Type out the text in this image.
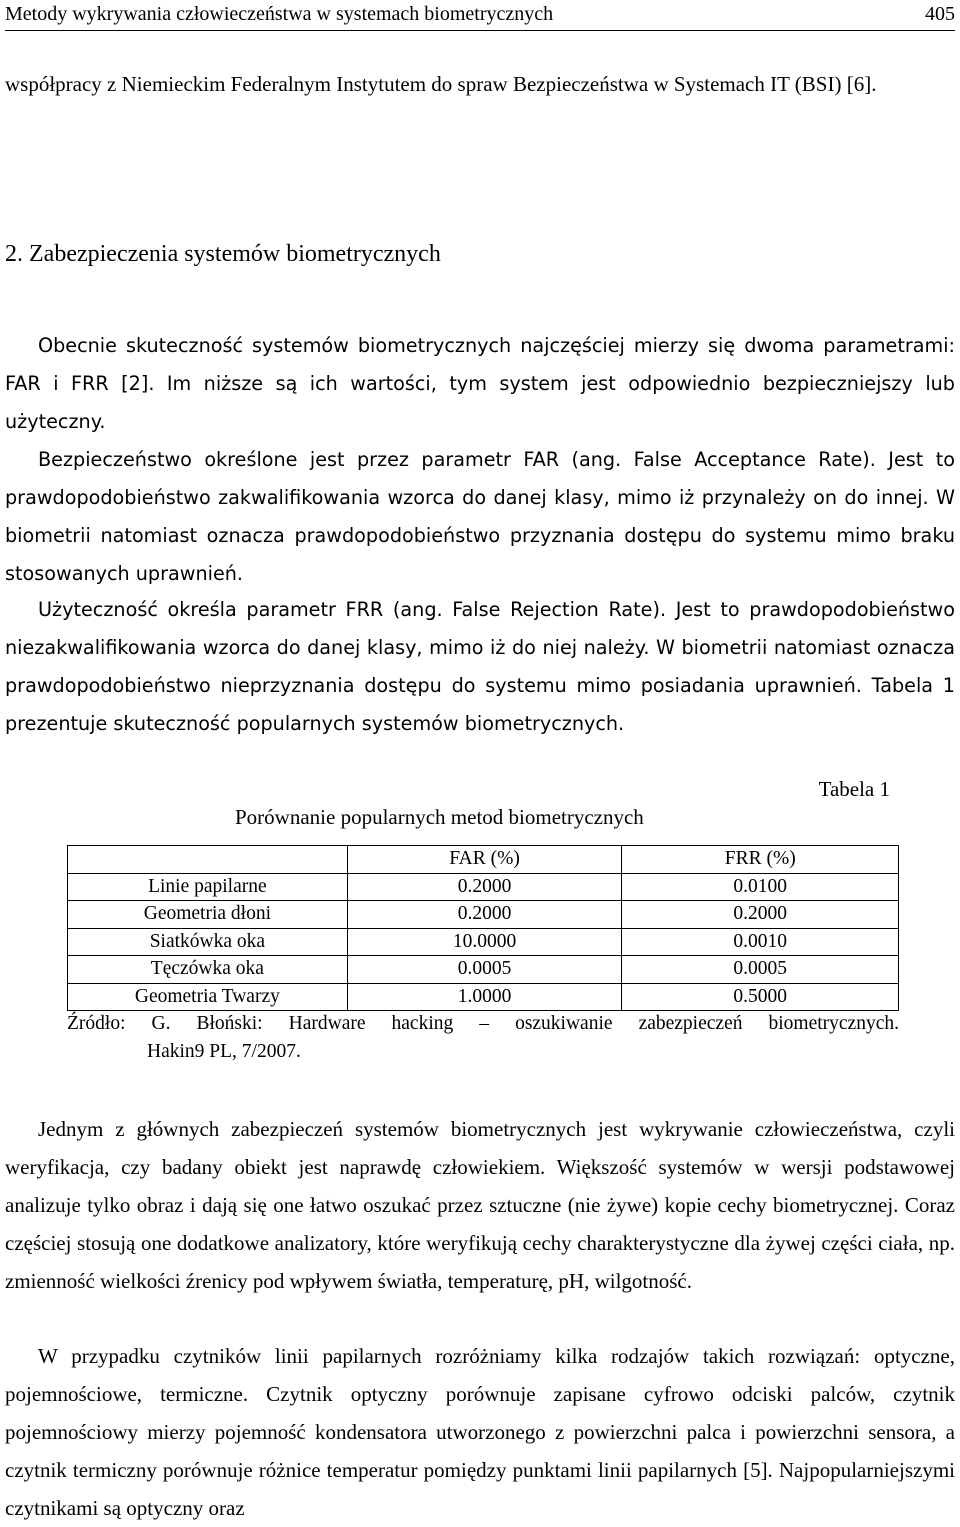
Metody wykrywania człowieczeństwa w systemach biometrycznych	405

współpracy z Niemieckim Federalnym Instytutem do spraw Bezpieczeństwa w Systemach IT (BSI) [6].

2. Zabezpieczenia systemów biometrycznych

Obecnie skuteczność systemów biometrycznych najczęściej mierzy się dwoma parametrami: FAR i FRR [2]. Im niższe są ich wartości, tym system jest odpowiednio bezpieczniejszy lub użyteczny.

Bezpieczeństwo określone jest przez parametr FAR (ang. False Acceptance Rate). Jest to prawdopodobieństwo zakwalifikowania wzorca do danej klasy, mimo iż przynależy on do innej. W biometrii natomiast oznacza prawdopodobieństwo przyznania dostępu do systemu mimo braku stosowanych uprawnień.

Użyteczność określa parametr FRR (ang. False Rejection Rate). Jest to prawdopodobieństwo niezakwalifikowania wzorca do danej klasy, mimo iż do niej należy. W biometrii natomiast oznacza prawdopodobieństwo nieprzyznania dostępu do systemu mimo posiadania uprawnień. Tabela 1 prezentuje skuteczność popularnych systemów biometrycznych.

Tabela 1
Porównanie popularnych metod biometrycznych
	FAR (%)	FRR (%)
Linie papilarne	0.2000	0.0100
Geometria dłoni	0.2000	0.2000
Siatkówka oka	10.0000	0.0010
Tęczówka oka	0.0005	0.0005
Geometria Twarzy	1.0000	0.5000
Źródło: G. Błoński: Hardware hacking – oszukiwanie zabezpieczeń biometrycznych.
Hakin9 PL, 7/2007.

Jednym z głównych zabezpieczeń systemów biometrycznych jest wykrywanie człowieczeństwa, czyli weryfikacja, czy badany obiekt jest naprawdę człowiekiem. Większość systemów w wersji podstawowej analizuje tylko obraz i dają się one łatwo oszukać przez sztuczne (nie żywe) kopie cechy biometrycznej. Coraz częściej stosują one dodatkowe analizatory, które weryfikują cechy charakterystyczne dla żywej części ciała, np. zmienność wielkości źrenicy pod wpływem światła, temperaturę, pH, wilgotność.

W przypadku czytników linii papilarnych rozróżniamy kilka rodzajów takich rozwiązań: optyczne, pojemnościowe, termiczne. Czytnik optyczny porównuje zapisane cyfrowo odciski palców, czytnik pojemnościowy mierzy pojemność kondensatora utworzonego z powierzchni palca i powierzchni sensora, a czytnik termiczny porównuje różnice temperatur pomiędzy punktami linii papilarnych [5]. Najpopularniejszymi czytnikami są optyczny oraz
